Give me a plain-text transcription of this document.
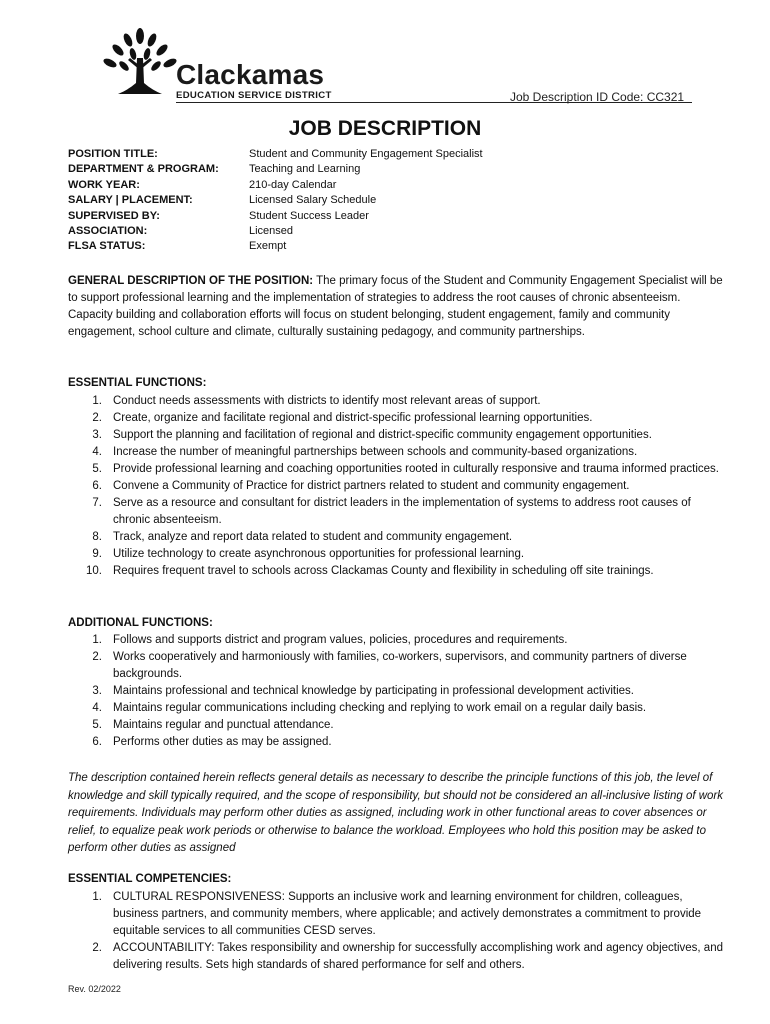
Clackamas
EDUCATION SERVICE DISTRICT	Job Description ID Code: CC321
JOB DESCRIPTION
POSITION TITLE:	Student and Community Engagement Specialist
DEPARTMENT & PROGRAM:	Teaching and Learning
WORK YEAR:	210-day Calendar
SALARY | PLACEMENT:	Licensed Salary Schedule
SUPERVISED BY:	Student Success Leader
ASSOCIATION:	Licensed
FLSA STATUS:	Exempt
GENERAL DESCRIPTION OF THE POSITION: The primary focus of the Student and Community Engagement Specialist will be to support professional learning and the implementation of strategies to address the root causes of chronic absenteeism. Capacity building and collaboration efforts will focus on student belonging, student engagement, family and community engagement, school culture and climate, culturally sustaining pedagogy, and community partnerships.
ESSENTIAL FUNCTIONS:
1. Conduct needs assessments with districts to identify most relevant areas of support.
2. Create, organize and facilitate regional and district-specific professional learning opportunities.
3. Support the planning and facilitation of regional and district-specific community engagement opportunities.
4. Increase the number of meaningful partnerships between schools and community-based organizations.
5. Provide professional learning and coaching opportunities rooted in culturally responsive and trauma informed practices.
6. Convene a Community of Practice for district partners related to student and community engagement.
7. Serve as a resource and consultant for district leaders in the implementation of systems to address root causes of chronic absenteeism.
8. Track, analyze and report data related to student and community engagement.
9. Utilize technology to create asynchronous opportunities for professional learning.
10. Requires frequent travel to schools across Clackamas County and flexibility in scheduling off site trainings.
ADDITIONAL FUNCTIONS:
1. Follows and supports district and program values, policies, procedures and requirements.
2. Works cooperatively and harmoniously with families, co-workers, supervisors, and community partners of diverse backgrounds.
3. Maintains professional and technical knowledge by participating in professional development activities.
4. Maintains regular communications including checking and replying to work email on a regular daily basis.
5. Maintains regular and punctual attendance.
6. Performs other duties as may be assigned.
The description contained herein reflects general details as necessary to describe the principle functions of this job, the level of knowledge and skill typically required, and the scope of responsibility, but should not be considered an all-inclusive listing of work requirements. Individuals may perform other duties as assigned, including work in other functional areas to cover absences or relief, to equalize peak work periods or otherwise to balance the workload. Employees who hold this position may be asked to perform other duties as assigned
ESSENTIAL COMPETENCIES:
1. CULTURAL RESPONSIVENESS: Supports an inclusive work and learning environment for children, colleagues, business partners, and community members, where applicable; and actively demonstrates a commitment to provide equitable services to all communities CESD serves.
2. ACCOUNTABILITY: Takes responsibility and ownership for successfully accomplishing work and agency objectives, and delivering results. Sets high standards of shared performance for self and others.
Rev. 02/2022
